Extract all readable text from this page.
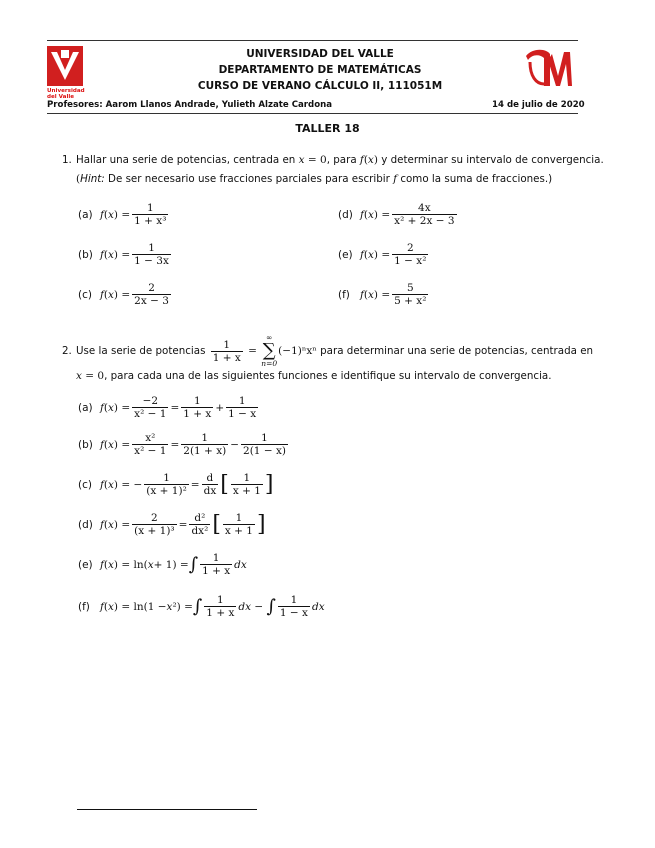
Universidad del Valle
UNIVERSIDAD DEL VALLE
DEPARTAMENTO DE MATEMÁTICAS
CURSO DE VERANO CÁLCULO II, 111051M
Profesores: Aarom Llanos Andrade, Yulieth Alzate Cardona	14 de julio de 2020
TALLER 18
1. Hallar una serie de potencias, centrada en
x = 0 , para
f ( x )
y determinar su intervalo de convergencia.
( Hint:
De ser necesario use fracciones parciales para escribir
f
como la suma de fracciones.)
(a) f ( x ) = $\frac{1}{\text{1 + x³}}$
(b) f ( x ) = $\frac{1}{1 - 3x}$
(c) f ( x ) = $\frac{2}{2x - 3}$
(d) f ( x ) = $\frac{4x}{\text{x² + 2x − 3}}$
(e) f ( x ) = $\frac{2}{\text{1 − x²}}$
(f) f ( x ) = $\frac{5}{\text{5 + x²}}$
2. Use la serie de potencias
$\frac{1}{1 + x}$ =
∞
∑
n=0
(−1)ⁿxⁿ
para determinar una serie de potencias, centrada en
x = 0 , para cada una de las siguientes funciones e identifique su intervalo de convergencia.
(a) f ( x ) = $\frac{-2}{\text{x² − 1}} = \frac{1}{1 + x} + \frac{1}{1 - x}$
(b) f ( x ) = $\frac{\text{x²}}{\text{x² − 1}} = \frac{1}{2(1 + x)} - \frac{1}{2(1 - x)}$
(c) f ( x ) = − $\frac{1}{\text{(x + 1)²}} = \frac{d}{dx}$ [ $\frac{1}{x + 1}$ ]
(d) f ( x ) = $\frac{2}{\text{(x + 1)³}} = \frac{\text{d²}}{\text{dx²}}$ [ $\frac{1}{x + 1}$ ]
(e) f ( x ) = ln( x + 1) = ∫ $\frac{1}{1 + x}$ dx
(f) f ( x ) = ln(1 − x ²) = ∫ $\frac{1}{1 + x}$ dx − ∫ $\frac{1}{1 - x}$ dx
